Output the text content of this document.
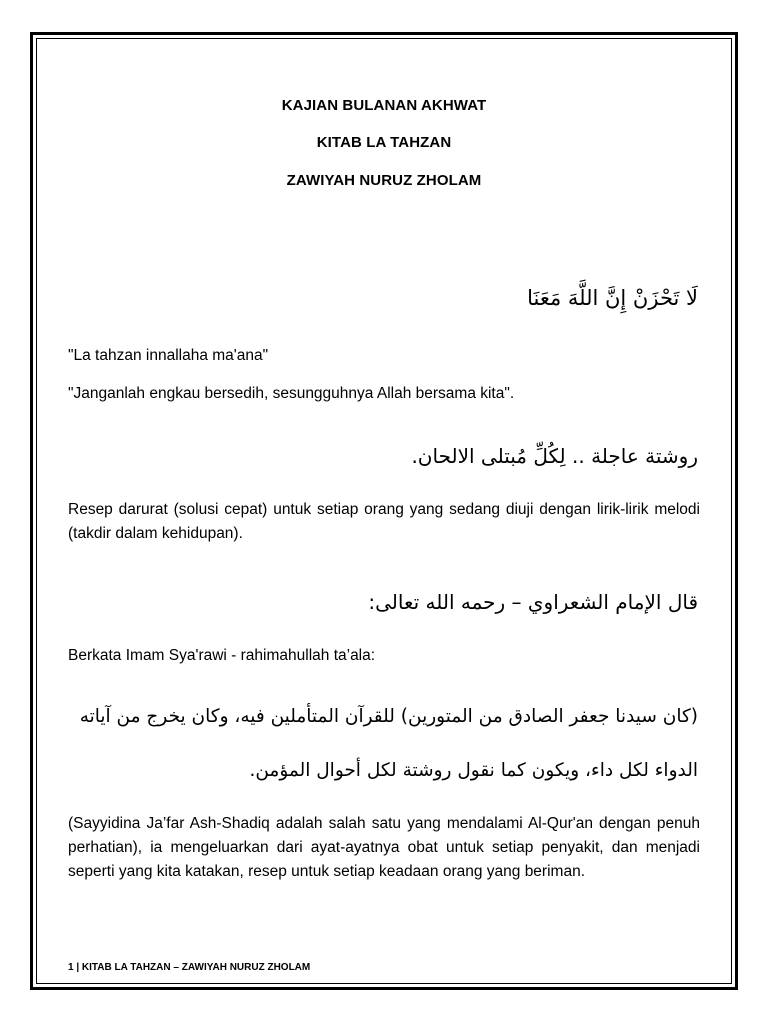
KAJIAN BULANAN AKHWAT
KITAB LA TAHZAN
ZAWIYAH NURUZ ZHOLAM
لَا تَحْزَنْ إِنَّ اللَّهَ مَعَنَا
"La tahzan innallaha ma'ana"
"Janganlah engkau bersedih, sesungguhnya Allah bersama kita".
روشتة عاجلة .. لِكُلِّ مُبتلى الالحان.
Resep darurat (solusi cepat) untuk setiap orang yang sedang diuji dengan lirik-lirik melodi (takdir dalam kehidupan).
قال الإمام الشعراوي – رحمه الله تعالى:
Berkata Imam Sya'rawi - rahimahullah ta’ala:
(كان سيدنا جعفر الصادق من المتورين) للقرآن المتأملين فيه، وكان يخرج من آياته
الدواء لكل داء، ويكون كما نقول روشتة لكل أحوال المؤمن.
(Sayyidina Ja’far Ash-Shadiq adalah salah satu yang mendalami Al-Qur'an dengan penuh perhatian), ia mengeluarkan dari ayat-ayatnya obat untuk setiap penyakit, dan menjadi seperti yang kita katakan, resep untuk setiap keadaan orang yang beriman.
1 | KITAB LA TAHZAN – ZAWIYAH NURUZ ZHOLAM
